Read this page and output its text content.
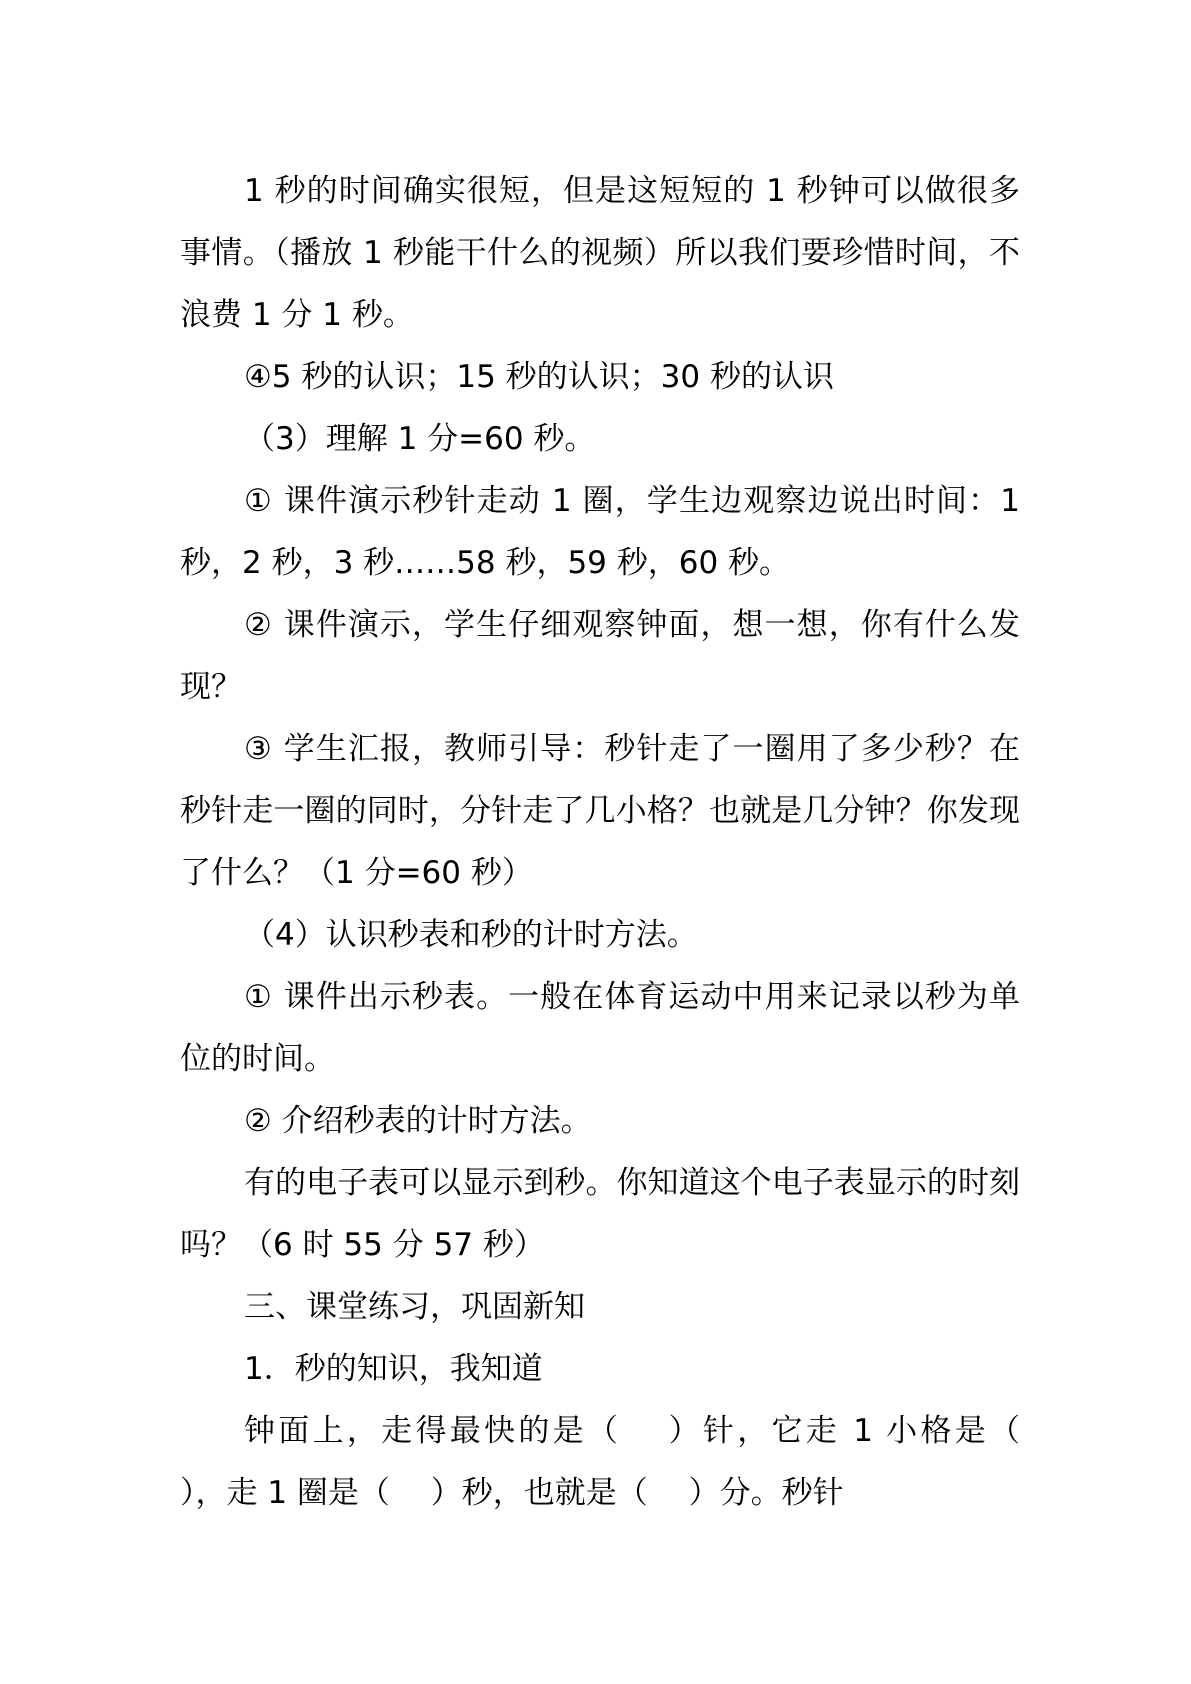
1 秒的时间确实很短，但是这短短的 1 秒钟可以做很多事情。（播放 1 秒能干什么的视频）所以我们要珍惜时间，不浪费 1 分 1 秒。

④5 秒的认识；15 秒的认识；30 秒的认识

（3）理解 1 分=60 秒。

① 课件演示秒针走动 1 圈，学生边观察边说出时间：1 秒，2 秒，3 秒……58 秒，59 秒，60 秒。

② 课件演示，学生仔细观察钟面，想一想，你有什么发现？

③ 学生汇报，教师引导：秒针走了一圈用了多少秒？在秒针走一圈的同时，分针走了几小格？也就是几分钟？你发现了什么？（1 分=60 秒）

（4）认识秒表和秒的计时方法。

① 课件出示秒表。一般在体育运动中用来记录以秒为单位的时间。

② 介绍秒表的计时方法。

有的电子表可以显示到秒。你知道这个电子表显示的时刻吗？（6 时 55 分 57 秒）

三、课堂练习，巩固新知

1．秒的知识，我知道

钟面上，走得最快的是（　 ）针，它走 1 小格是（　 ），走 1 圈是（　 ）秒，也就是（　 ）分。秒针
